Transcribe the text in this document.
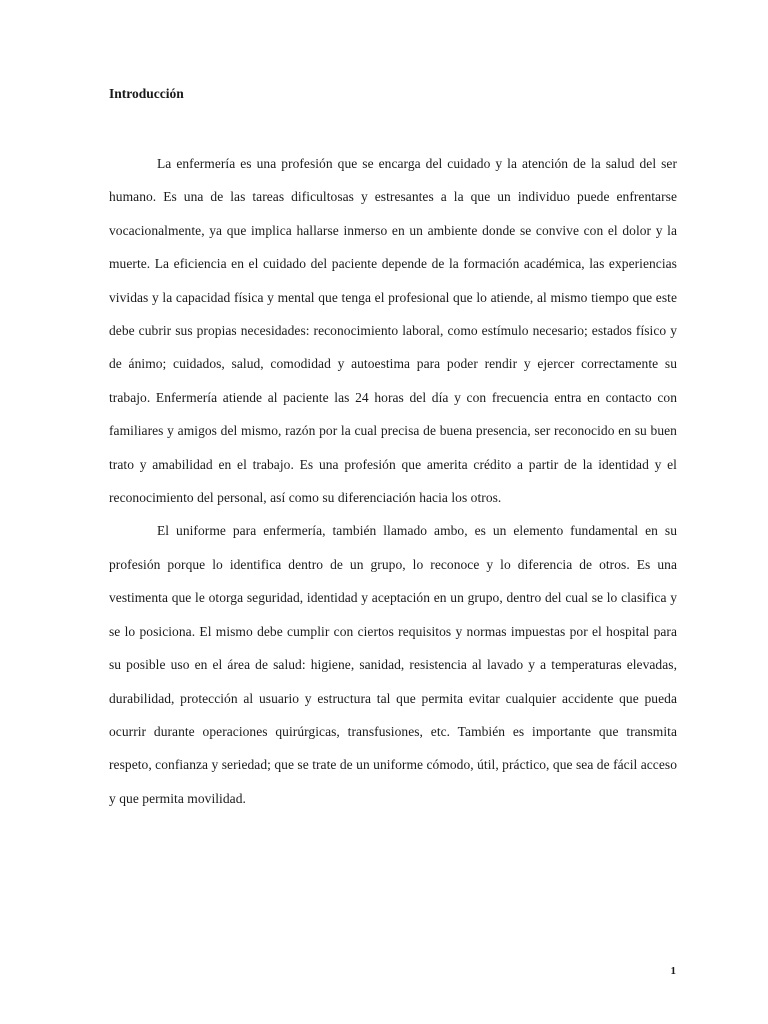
Introducción

La enfermería es una profesión que se encarga del cuidado y la atención de la salud del ser humano. Es una de las tareas dificultosas y estresantes a la que un individuo puede enfrentarse vocacionalmente, ya que implica hallarse inmerso en un ambiente donde se convive con el dolor y la muerte. La eficiencia en el cuidado del paciente depende de la formación académica, las experiencias vividas y la capacidad física y mental que tenga el profesional que lo atiende, al mismo tiempo que este debe cubrir sus propias necesidades: reconocimiento laboral, como estímulo necesario; estados físico y de ánimo; cuidados, salud, comodidad y autoestima para poder rendir y ejercer correctamente su trabajo. Enfermería atiende al paciente las 24 horas del día y con frecuencia entra en contacto con familiares y amigos del mismo, razón por la cual precisa de buena presencia, ser reconocido en su buen trato y amabilidad en el trabajo. Es una profesión que amerita crédito a partir de la identidad y el reconocimiento del personal, así como su diferenciación hacia los otros.

El uniforme para enfermería, también llamado ambo, es un elemento fundamental en su profesión porque lo identifica dentro de un grupo, lo reconoce y lo diferencia de otros. Es una vestimenta que le otorga seguridad, identidad y aceptación en un grupo, dentro del cual se lo clasifica y se lo posiciona. El mismo debe cumplir con ciertos requisitos y normas impuestas por el hospital para su posible uso en el área de salud: higiene, sanidad, resistencia al lavado y a temperaturas elevadas, durabilidad, protección al usuario y estructura tal que permita evitar cualquier accidente que pueda ocurrir durante operaciones quirúrgicas, transfusiones, etc. También es importante que transmita respeto, confianza y seriedad; que se trate de un uniforme cómodo, útil, práctico, que sea de fácil acceso y que permita movilidad.

1
